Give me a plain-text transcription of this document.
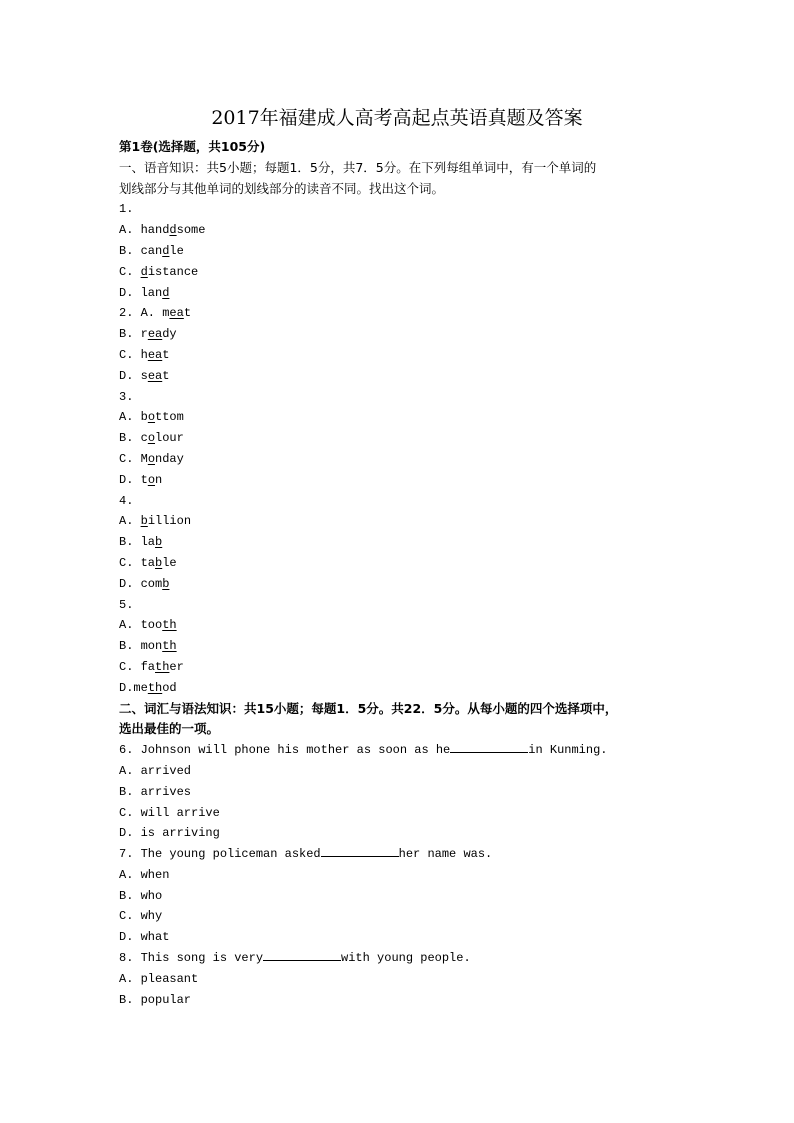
2017年福建成人高考高起点英语真题及答案
第1卷(选择题，共105分)
一、语音知识：共5小题；每题1．5分，共7．5分。在下列每组单词中，有一个单词的
划线部分与其他单词的划线部分的读音不同。找出这个词。
1.
A. handdsome
B. candle
C. distance
D. land
2. A. meat
B. ready
C. heat
D. seat
3.
A. bottom
B. colour
C. Monday
D. ton
4.
A. billion
B. lab
C. table
D. comb
5.
A. tooth
B. month
C. father
D.method
二、词汇与语法知识：共15小题；每题1．5分。共22．5分。从每小题的四个选择项中，
选出最佳的一项。
6. Johnson will phone his mother as soon as he	in Kunming.
A. arrived
B. arrives
C. will arrive
D. is arriving
7. The young policeman asked	her name was.
A. when
B. who
C. why
D. what
8. This song is very	with young people.
A. pleasant
B. popular
